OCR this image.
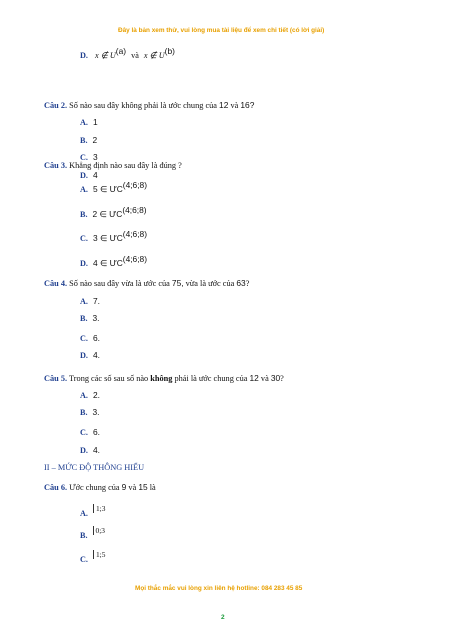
Đây là bản xem thử, vui lòng mua tài liệu để xem chi tiết (có lời giải)
D. x ∉ U(a) và x ∉ U(b)
Câu 2. Số nào sau đây không phải là ước chung của 12 và 16?
A. 1
B. 2
C. 3
D. 4
Câu 3. Khẳng định nào sau đây là đúng ?
A. 5 ∈ ƯC(4;6;8)
B. 2 ∈ ƯC(4;6;8)
C. 3 ∈ ƯC(4;6;8)
D. 4 ∈ ƯC(4;6;8)
Câu 4. Số nào sau đây vừa là ước của 75, vừa là ước của 63?
A. 7.
B. 3.
C. 6.
D. 4.
Câu 5. Trong các số sau số nào không phải là ước chung của 12 và 30?
A. 2.
B. 3.
C. 6.
D. 4.
II – MỨC ĐỘ THÔNG HIỂU
Câu 6. Ước chung của 9 và 15 là
A.1;3
B.0;3
C.1;5
Mọi thắc mắc vui lòng xin liên hệ hotline: 084 283 45 85
2
